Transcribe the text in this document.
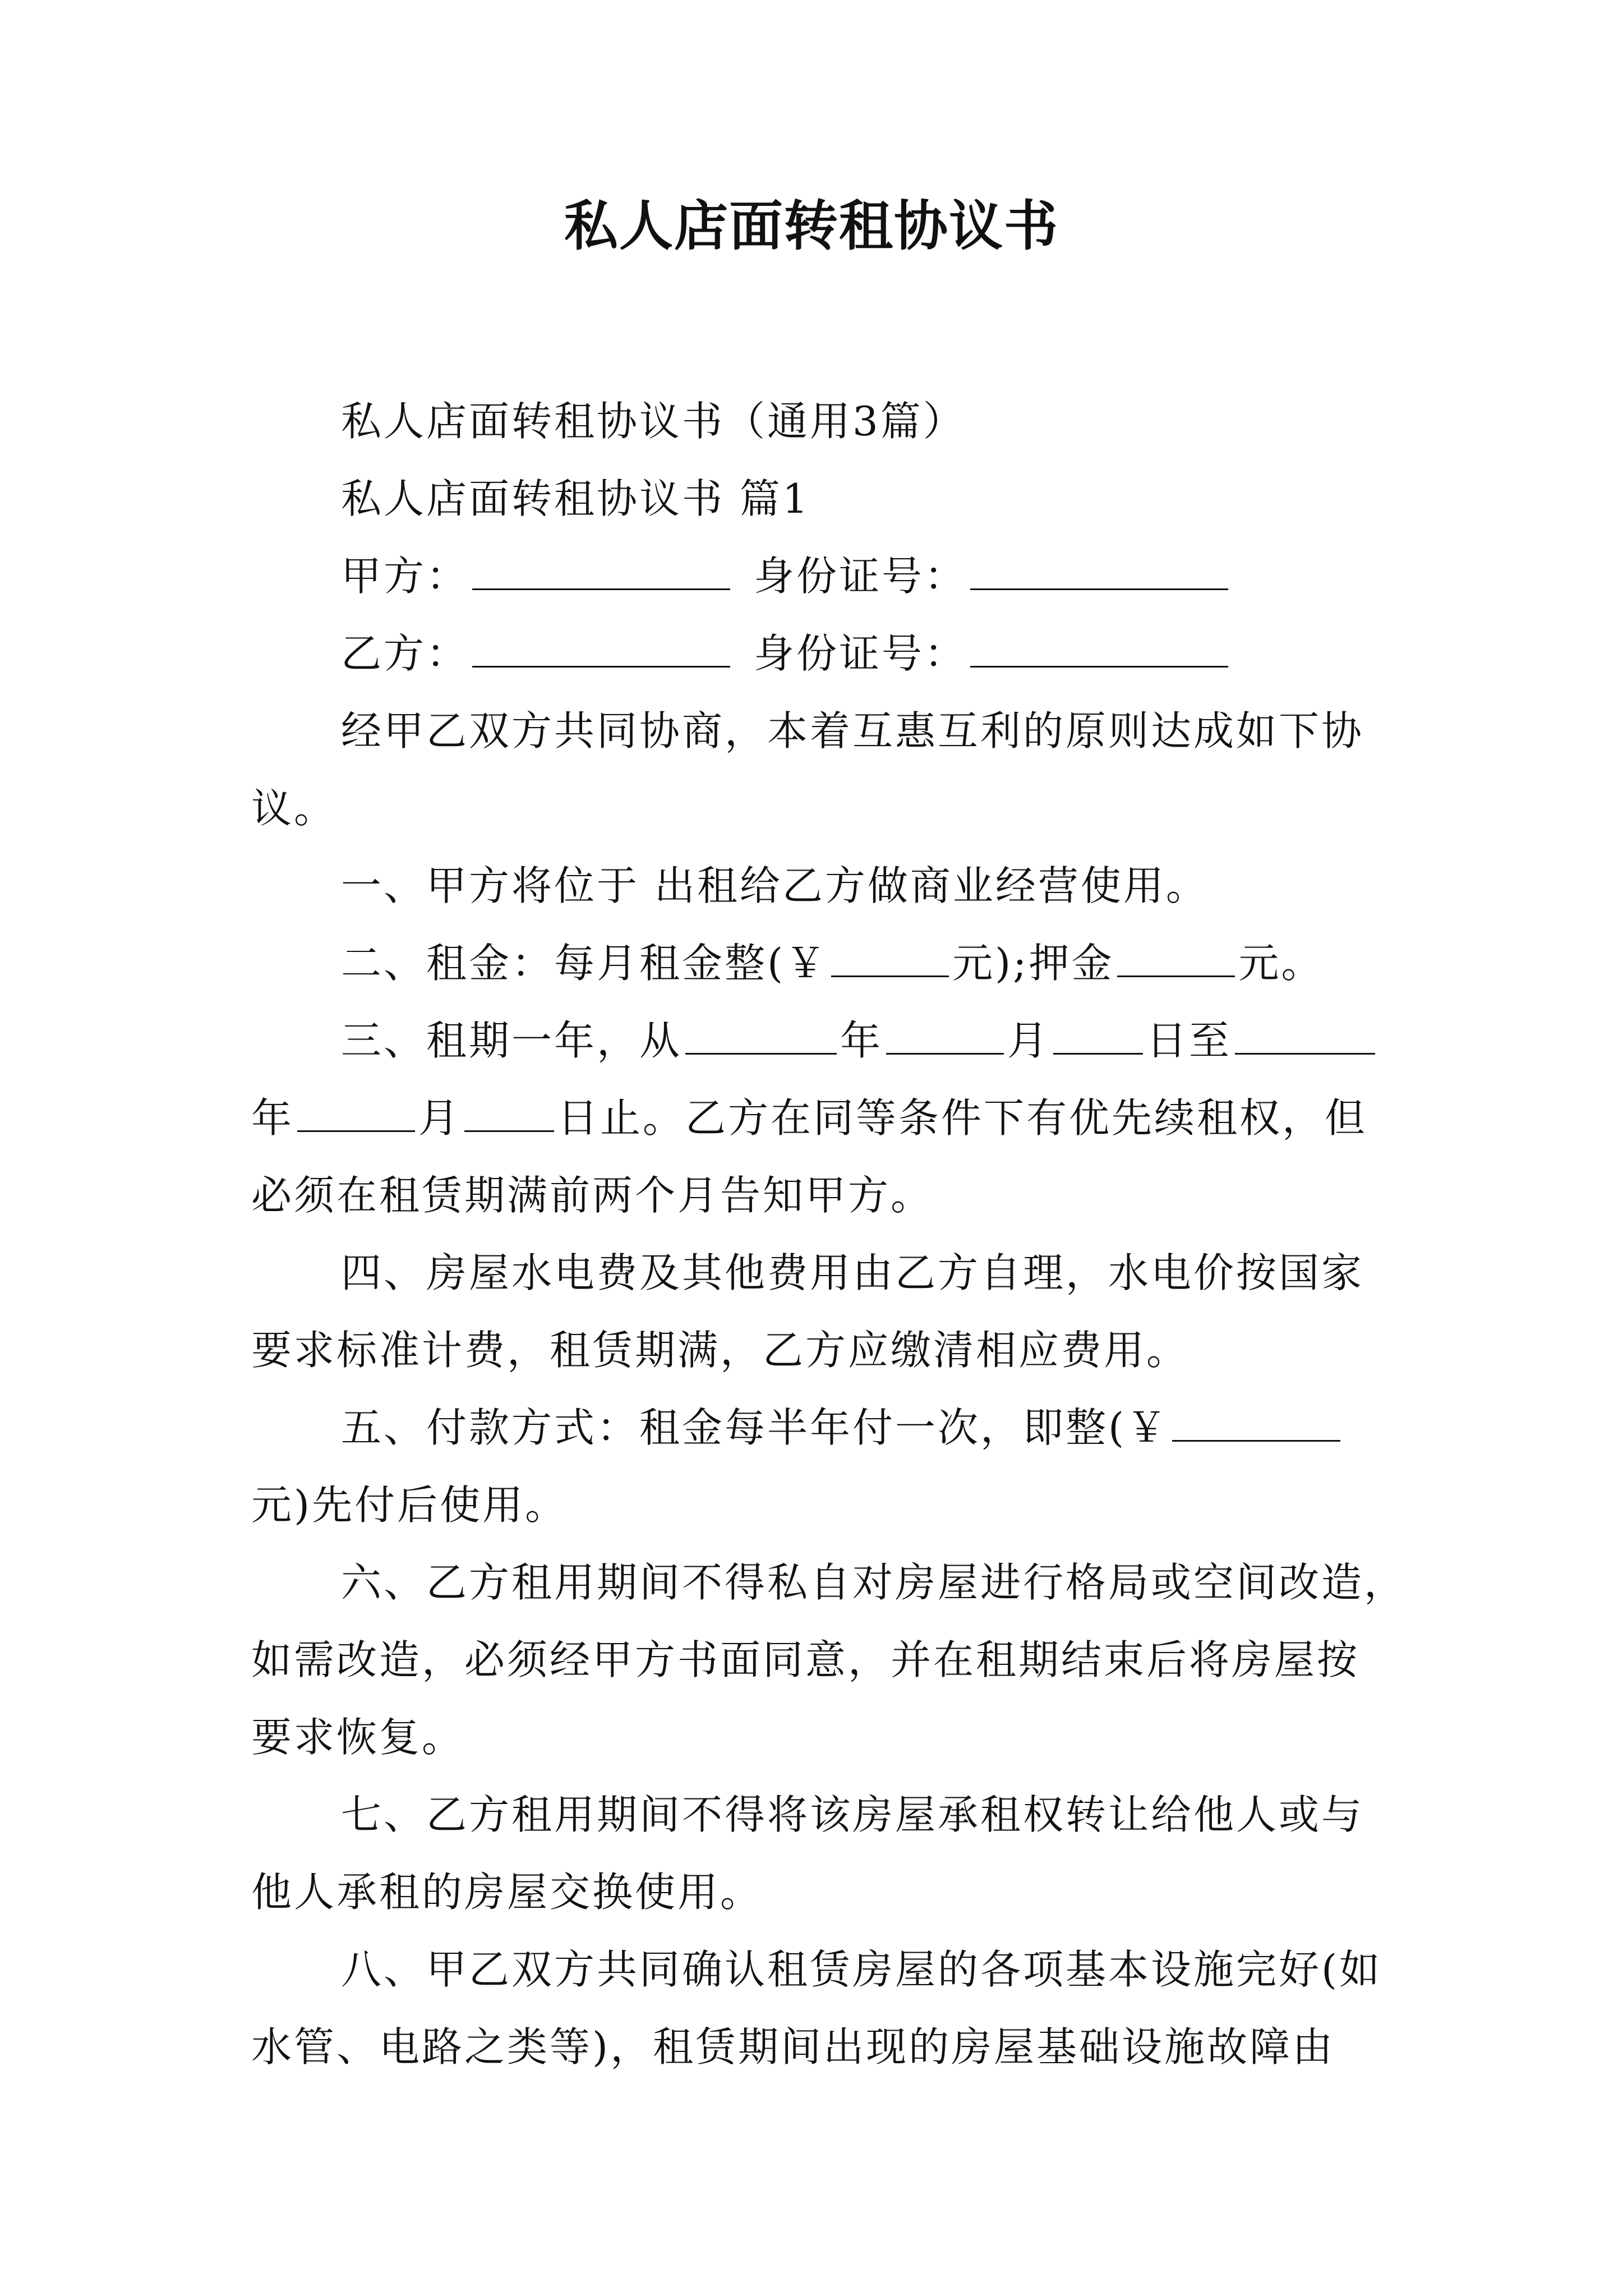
私人店面转租协议书
私人店面转租协议书（通用3篇）
私人店面转租协议书 篇1
甲方：	身份证号：
乙方：	身份证号：
经甲乙双方共同协商，本着互惠互利的原则达成如下协
议。
一、甲方将位于 出租给乙方做商业经营使用。
二、租金：每月租金整(￥	元);押金	元。
三、租期一年，从	年	月 日至
年	月 日止。乙方在同等条件下有优先续租权，但
必须在租赁期满前两个月告知甲方。
四、房屋水电费及其他费用由乙方自理，水电价按国家
要求标准计费，租赁期满，乙方应缴清相应费用。
五、付款方式：租金每半年付一次，即整(￥
元)先付后使用。
六、乙方租用期间不得私自对房屋进行格局或空间改造，
如需改造，必须经甲方书面同意，并在租期结束后将房屋按
要求恢复。
七、乙方租用期间不得将该房屋承租权转让给他人或与
他人承租的房屋交换使用。
八、甲乙双方共同确认租赁房屋的各项基本设施完好(如
水管、电路之类等)，租赁期间出现的房屋基础设施故障由
